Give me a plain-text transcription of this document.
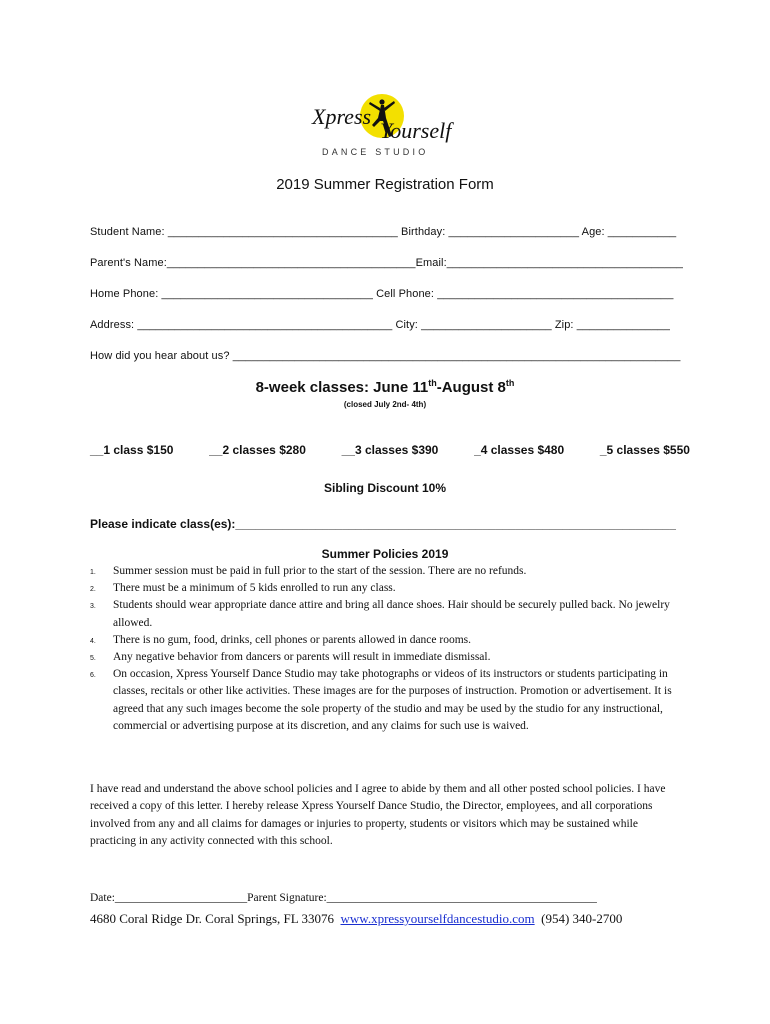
Xpress
Yourself
DANCE STUDIO
2019 Summer Registration Form
Student Name: _____________________________________ Birthday: _____________________ Age: ___________
Parent's Name:________________________________________Email:______________________________________
Home Phone: __________________________________ Cell Phone: ______________________________________
Address: _________________________________________ City: _____________________ Zip: _______________
How did you hear about us? ________________________________________________________________________
8-week classes: June 11th-August 8th
(closed July 2nd- 4th)
__1 class $150	__2 classes $280	__3 classes $390	_4 classes $480	_5 classes $550
Sibling Discount 10%
Please indicate class(es):__________________________________________________________________
Summer Policies 2019
1. Summer session must be paid in full prior to the start of the session. There are no refunds.
2. There must be a minimum of 5 kids enrolled to run any class.
3. Students should wear appropriate dance attire and bring all dance shoes. Hair should be securely pulled back. No jewelry allowed.
4. There is no gum, food, drinks, cell phones or parents allowed in dance rooms.
5. Any negative behavior from dancers or parents will result in immediate dismissal.
6. On occasion, Xpress Yourself Dance Studio may take photographs or videos of its instructors or students participating in classes, recitals or other like activities. These images are for the purposes of instruction. Promotion or advertisement. It is agreed that any such images become the sole property of the studio and may be used by the studio for any instructional, commercial or advertising purpose at its discretion, and any claims for such use is waived.
I have read and understand the above school policies and I agree to abide by them and all other posted school policies. I have received a copy of this letter. I hereby release Xpress Yourself Dance Studio, the Director, employees, and all corporations involved from any and all claims for damages or injuries to property, students or visitors which may be sustained while practicing in any activity connected with this school.
Date:_______________________Parent Signature:_______________________________________________
4680 Coral Ridge Dr. Coral Springs, FL 33076  www.xpressyourselfdancestudio.com  (954) 340-2700
